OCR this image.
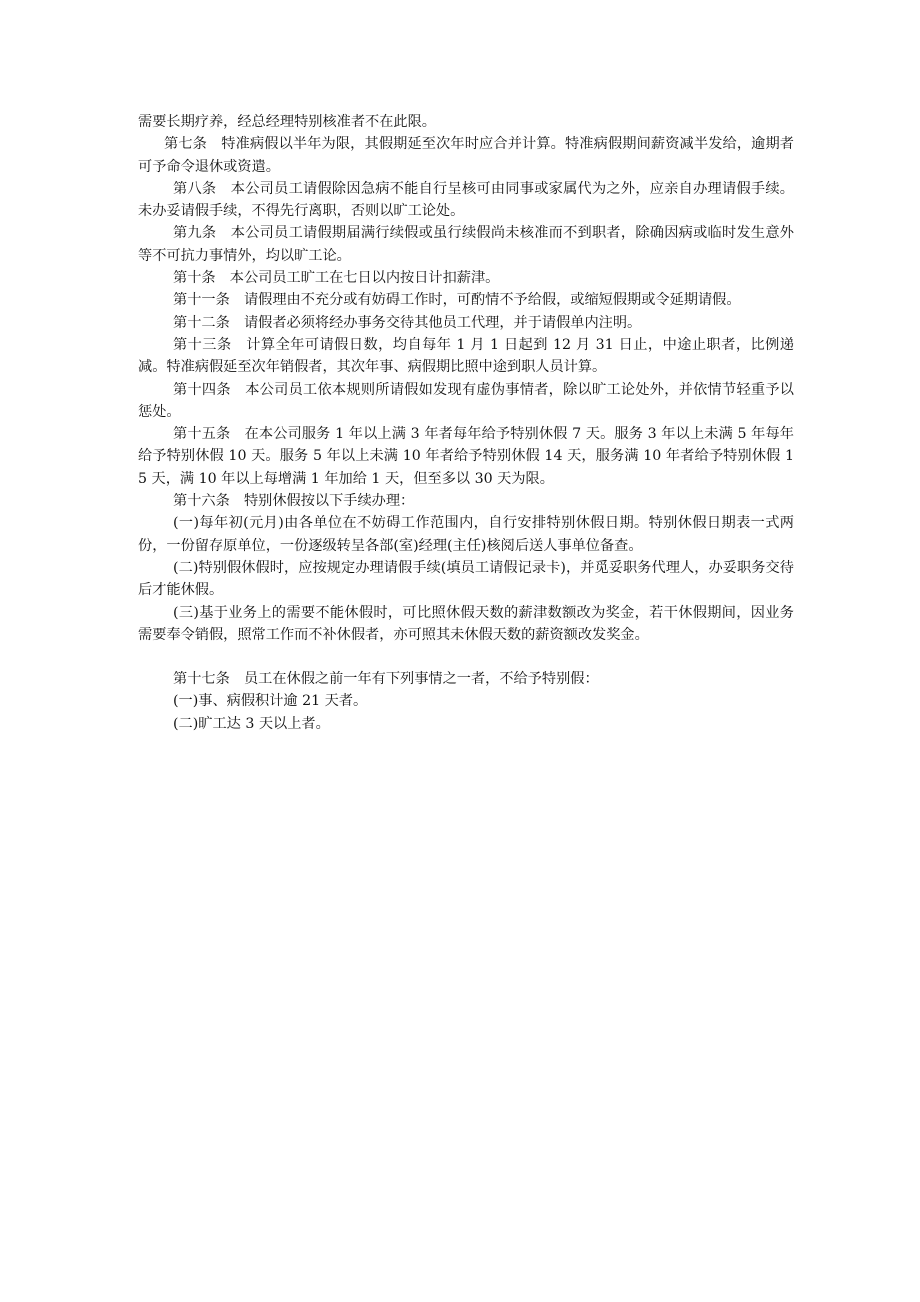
需要长期疗养，经总经理特别核准者不在此限。

第七条　特准病假以半年为限，其假期延至次年时应合并计算。特准病假期间薪资减半发给，逾期者可予命令退休或资遣。

第八条　本公司员工请假除因急病不能自行呈核可由同事或家属代为之外，应亲自办理请假手续。未办妥请假手续，不得先行离职，否则以旷工论处。

第九条　本公司员工请假期届满行续假或虽行续假尚未核准而不到职者，除确因病或临时发生意外等不可抗力事情外，均以旷工论。

第十条　本公司员工旷工在七日以内按日计扣薪津。

第十一条　请假理由不充分或有妨碍工作时，可酌情不予给假，或缩短假期或令延期请假。

第十二条　请假者必须将经办事务交待其他员工代理，并于请假单内注明。

第十三条　计算全年可请假日数，均自每年 1 月 1 日起到 12 月 31 日止，中途止职者，比例递减。特准病假延至次年销假者，其次年事、病假期比照中途到职人员计算。

第十四条　本公司员工依本规则所请假如发现有虚伪事情者，除以旷工论处外，并依情节轻重予以惩处。

第十五条　在本公司服务 1 年以上满 3 年者每年给予特别休假 7 天。服务 3 年以上未满 5 年每年给予特别休假 10 天。服务 5 年以上未满 10 年者给予特别休假 14 天，服务满 10 年者给予特别休假 15 天，满 10 年以上每增满 1 年加给 1 天，但至多以 30 天为限。

第十六条　特别休假按以下手续办理：

(一)每年初(元月)由各单位在不妨碍工作范围内，自行安排特别休假日期。特别休假日期表一式两份，一份留存原单位，一份逐级转呈各部(室)经理(主任)核阅后送人事单位备查。

(二)特别假休假时，应按规定办理请假手续(填员工请假记录卡)，并觅妥职务代理人，办妥职务交待后才能休假。

(三)基于业务上的需要不能休假时，可比照休假天数的薪津数额改为奖金，若干休假期间，因业务需要奉令销假，照常工作而不补休假者，亦可照其未休假天数的薪资额改发奖金。

第十七条　员工在休假之前一年有下列事情之一者，不给予特别假：

(一)事、病假积计逾 21 天者。

(二)旷工达 3 天以上者。
